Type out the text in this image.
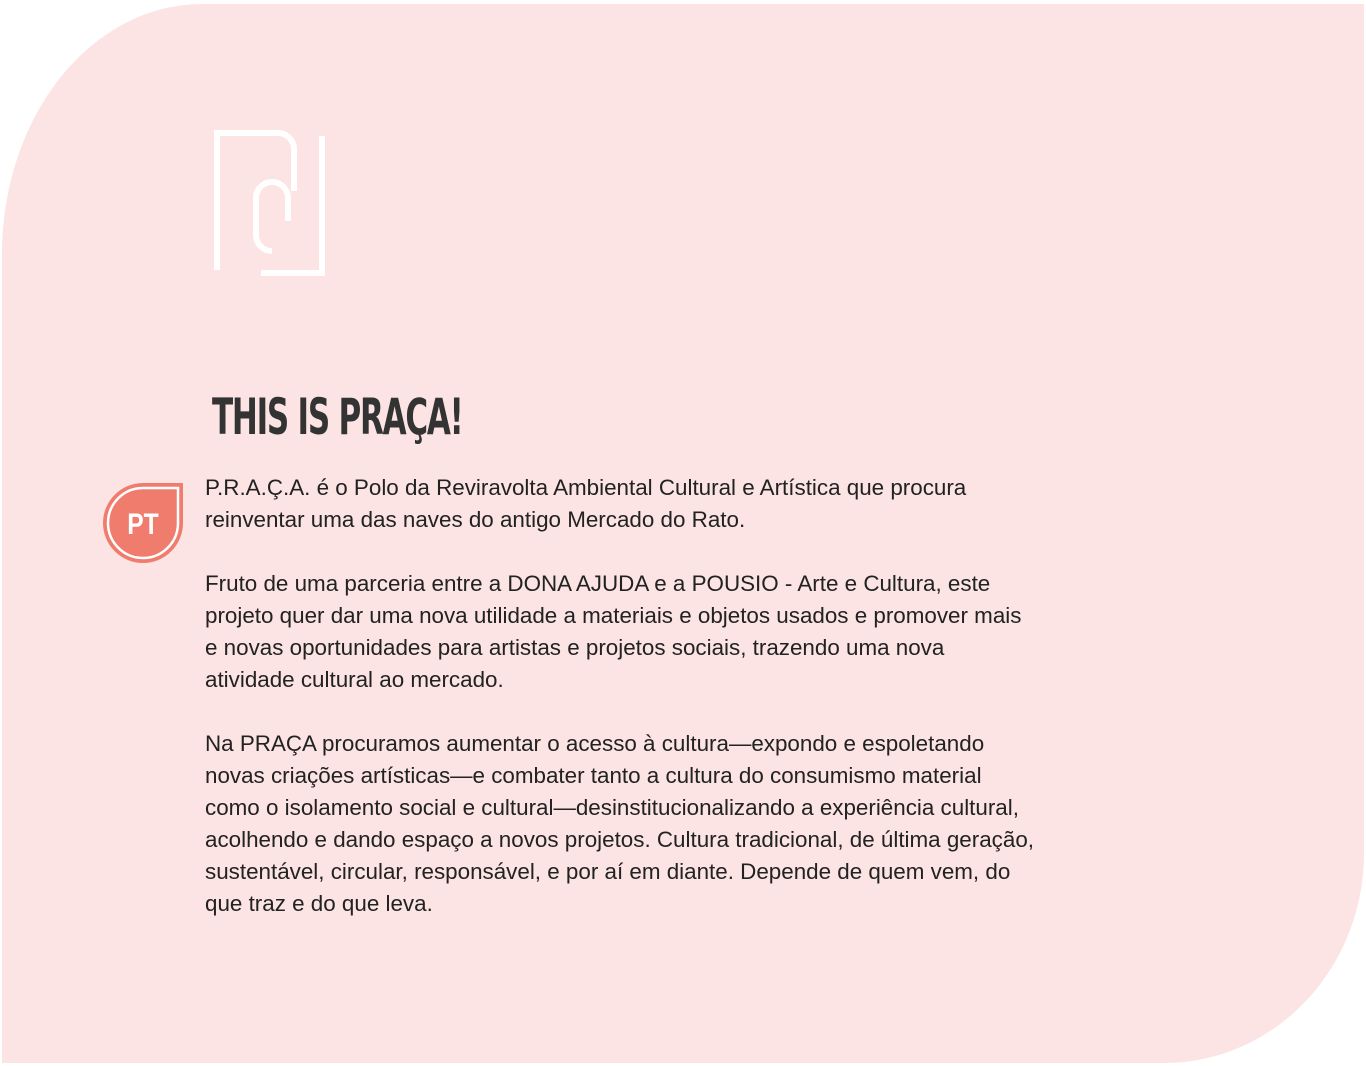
THIS IS PRAÇA!
PT

P.R.A.Ç.A. é o Polo da Reviravolta Ambiental Cultural e Artística que procura reinventar uma das naves do antigo Mercado do Rato.

Fruto de uma parceria entre a DONA AJUDA e a POUSIO - Arte e Cultura, este projeto quer dar uma nova utilidade a materiais e objetos usados e promover mais e novas oportunidades para artistas e projetos sociais, trazendo uma nova atividade cultural ao mercado.

Na PRAÇA procuramos aumentar o acesso à cultura—expondo e espoletando novas criações artísticas—e combater tanto a cultura do consumismo material como o isolamento social e cultural—desinstitucionalizando a experiência cultural, acolhendo e dando espaço a novos projetos. Cultura tradicional, de última geração, sustentável, circular, responsável, e por aí em diante. Depende de quem vem, do que traz e do que leva.
